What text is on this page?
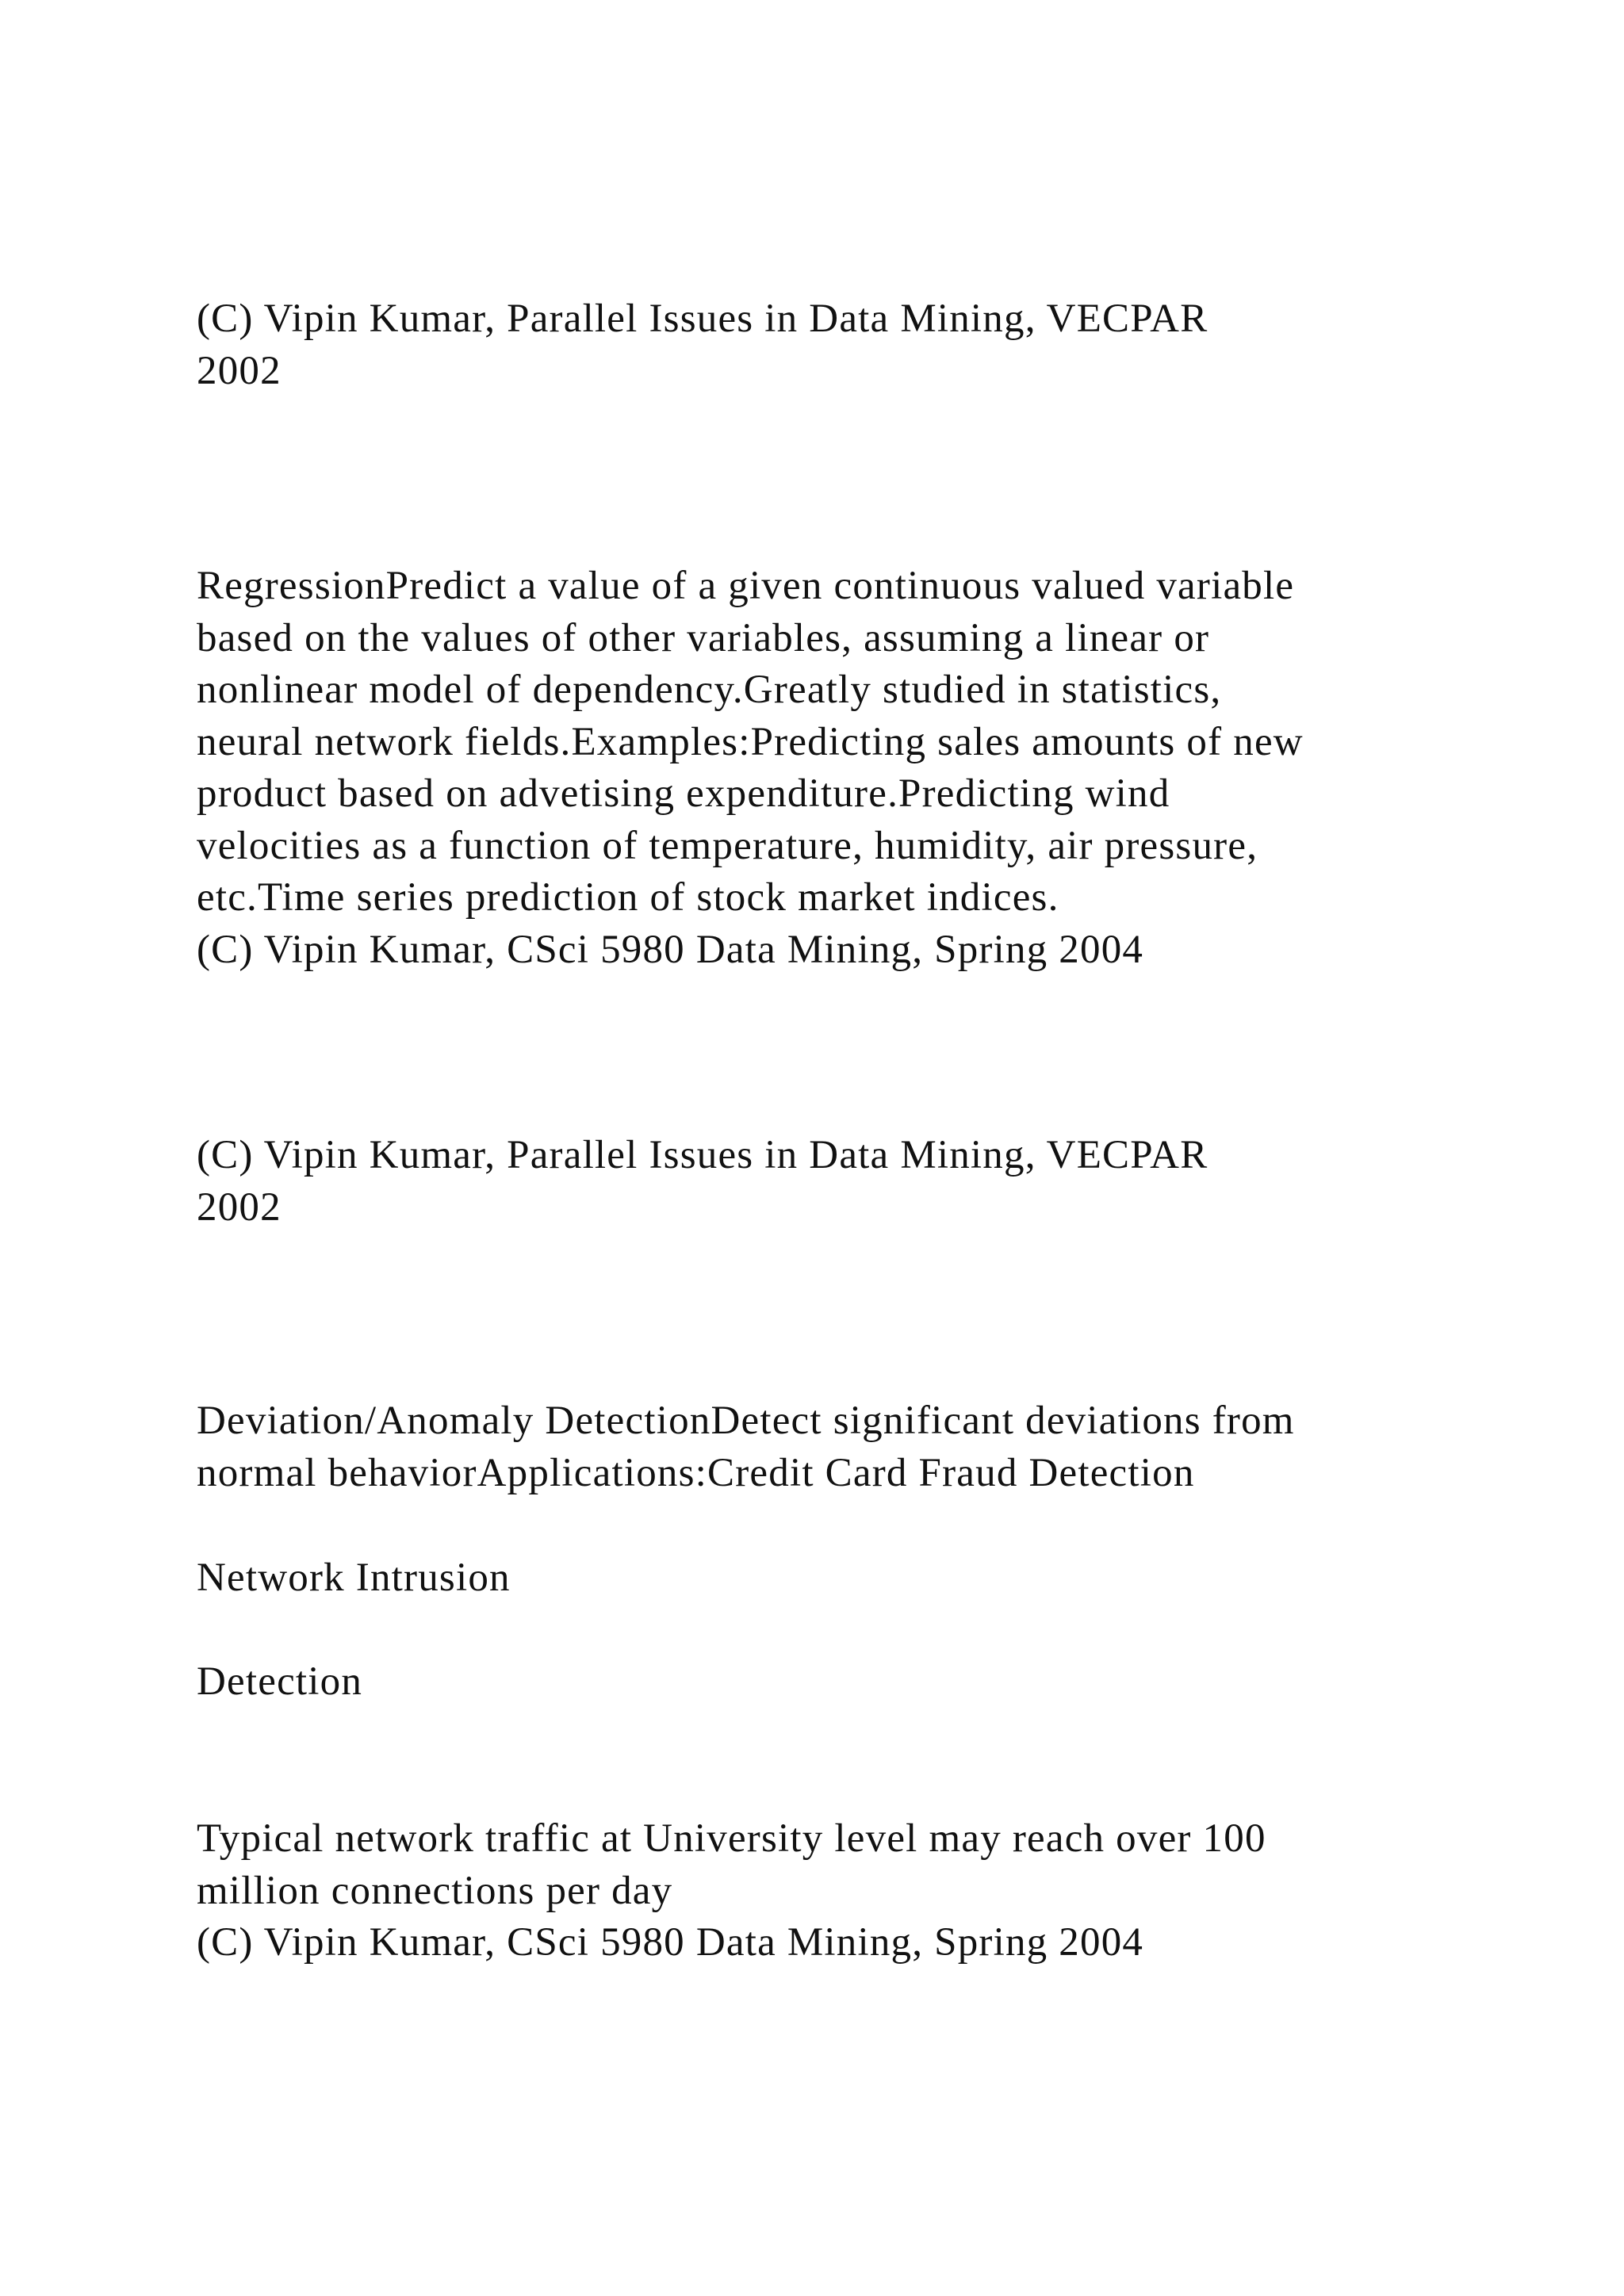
(C) Vipin Kumar, Parallel Issues in Data Mining, VECPAR
2002
RegressionPredict a value of a given continuous valued variable
based on the values of other variables, assuming a linear or
nonlinear model of dependency.Greatly studied in statistics,
neural network fields.Examples:Predicting sales amounts of new
product based on advetising expenditure.Predicting wind
velocities as a function of temperature, humidity, air pressure,
etc.Time series prediction of stock market indices.
(C) Vipin Kumar, CSci 5980 Data Mining, Spring 2004
(C) Vipin Kumar, Parallel Issues in Data Mining, VECPAR
2002
Deviation/Anomaly DetectionDetect significant deviations from
normal behaviorApplications:Credit Card Fraud Detection
Network Intrusion
Detection
Typical network traffic at University level may reach over 100
million connections per day
(C) Vipin Kumar, CSci 5980 Data Mining, Spring 2004
